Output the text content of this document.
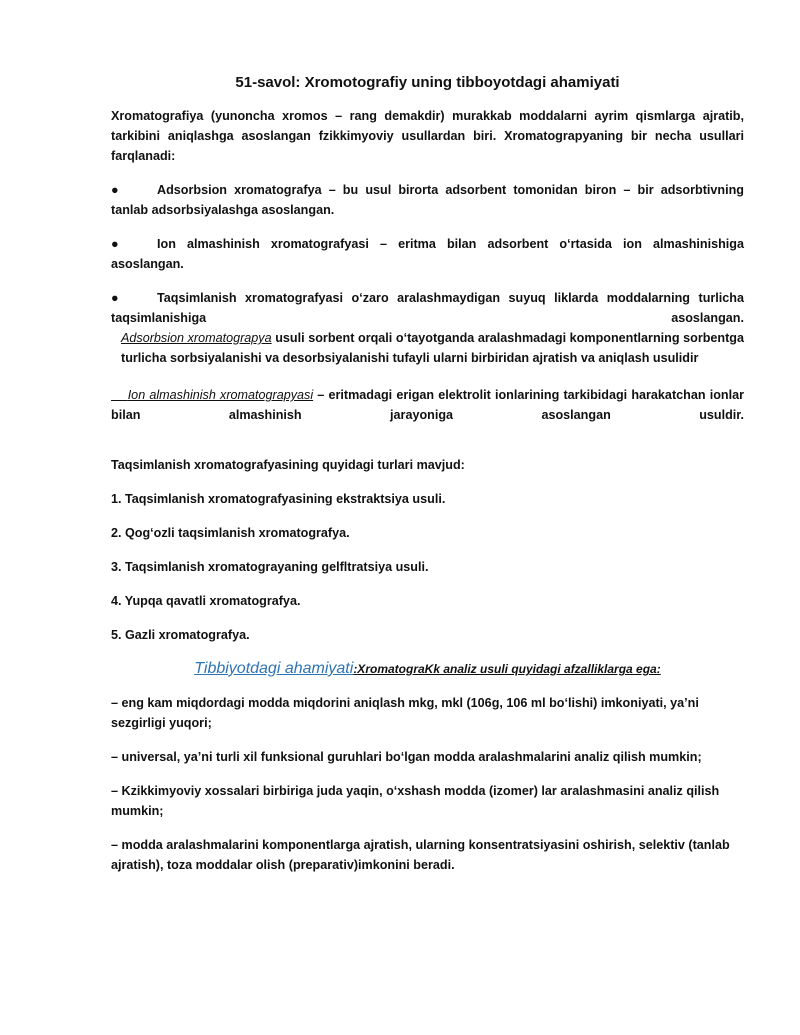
51-savol: Xromotografiy uning tibboyotdagi ahamiyati

Xromatografiya (yunoncha xromos – rang demakdir) murakkab moddalarni ayrim qismlarga ajratib, tarkibini aniqlashga asoslangan fzikkimyoviy usullardan biri. Xromatograpyaning bir necha usullari farqlanadi:

●	Adsorbsion xromatografya – bu usul birorta adsorbent tomonidan biron – bir adsorbtivning tanlab adsorbsiyalashga asoslangan.

●	Ion almashinish xromatografyasi – eritma bilan adsorbent o‘rtasida ion almashinishiga asoslangan.

●	Taqsimlanish xromatografyasi o‘zaro aralashmaydigan suyuq liklarda moddalarning turlicha taqsimlanishiga asoslangan.

Adsorbsion xromatograpya usuli sorbent orqali o‘tayotganda aralashmadagi komponentlarning sorbentga turlicha sorbsiyalanishi va desorbsiyalanishi tufayli ularni birbiridan ajratish va aniqlash usulidir

Ion almashinish xromatograpyasi – eritmadagi erigan elektrolit ionlarining tarkibidagi harakatchan ionlar bilan almashinish jarayoniga asoslangan usuldir.

Taqsimlanish xromatografyasining quyidagi turlari mavjud:

1. Taqsimlanish xromatografyasining ekstraktsiya usuli.

2. Qog‘ozli taqsimlanish xromatografya.

3. Taqsimlanish xromatograyaning gelfltratsiya usuli.

4. Yupqa qavatli xromatografya.

5. Gazli xromatografya.

Tibbiyotdagi ahamiyati:XromatograKk analiz usuli quyidagi afzalliklarga ega:

– eng kam miqdordagi modda miqdorini aniqlash mkg, mkl (106g, 106 ml bo‘lishi) imkoniyati, ya’ni sezgirligi yuqori;

– universal, ya’ni turli xil funksional guruhlari bo‘lgan modda aralashmalarini analiz qilish mumkin;

– Kzikkimyoviy xossalari birbiriga juda yaqin, o‘xshash modda (izomer) lar aralashmasini analiz qilish mumkin;

– modda aralashmalarini komponentlarga ajratish, ularning konsentratsiyasini oshirish, selektiv (tanlab ajratish), toza moddalar olish (preparativ)imkonini beradi.
